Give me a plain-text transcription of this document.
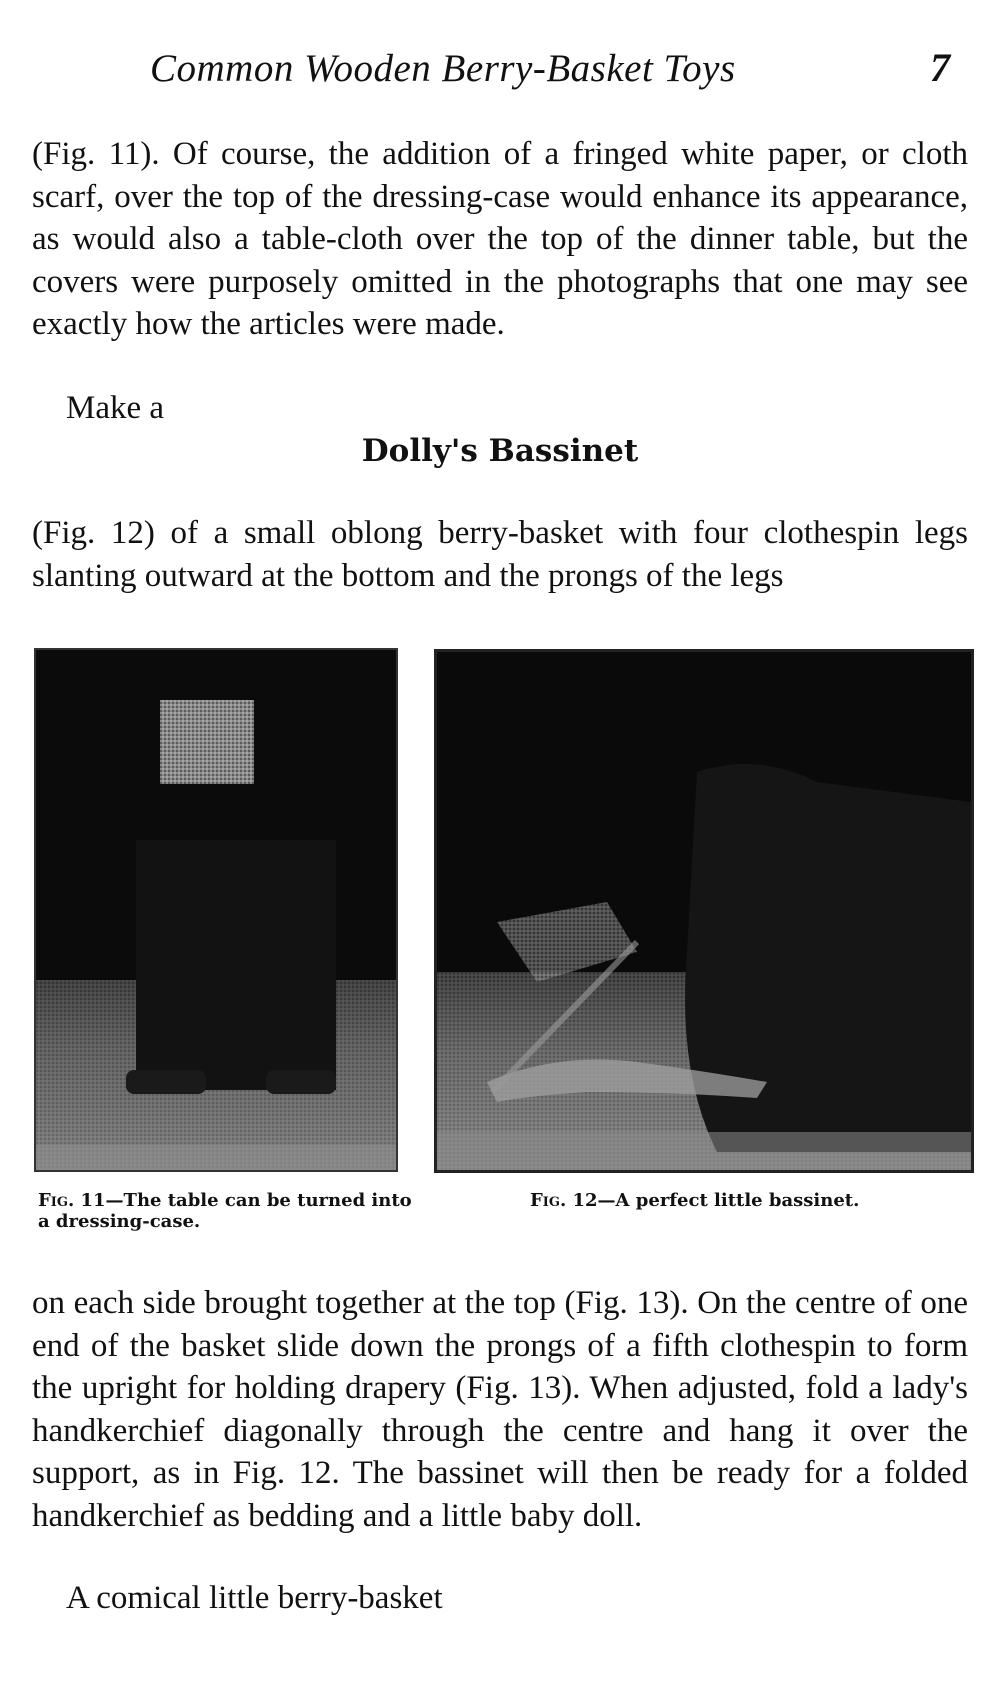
Common Wooden Berry-Basket Toys	7

(Fig. 11). Of course, the addition of a fringed white paper, or cloth scarf, over the top of the dressing-case would enhance its appearance, as would also a table-cloth over the top of the dinner table, but the covers were purposely omitted in the photographs that one may see exactly how the articles were made.

Make a

Dolly's Bassinet

(Fig. 12) of a small oblong berry-basket with four clothespin legs slanting outward at the bottom and the prongs of the legs

Fig. 11—The table can be turned into a dressing-case.

Fig. 12—A perfect little bassinet.

on each side brought together at the top (Fig. 13). On the centre of one end of the basket slide down the prongs of a fifth clothespin to form the upright for holding drapery (Fig. 13). When adjusted, fold a lady's handkerchief diagonally through the centre and hang it over the support, as in Fig. 12. The bassinet will then be ready for a folded handkerchief as bedding and a little baby doll.

A comical little berry-basket
